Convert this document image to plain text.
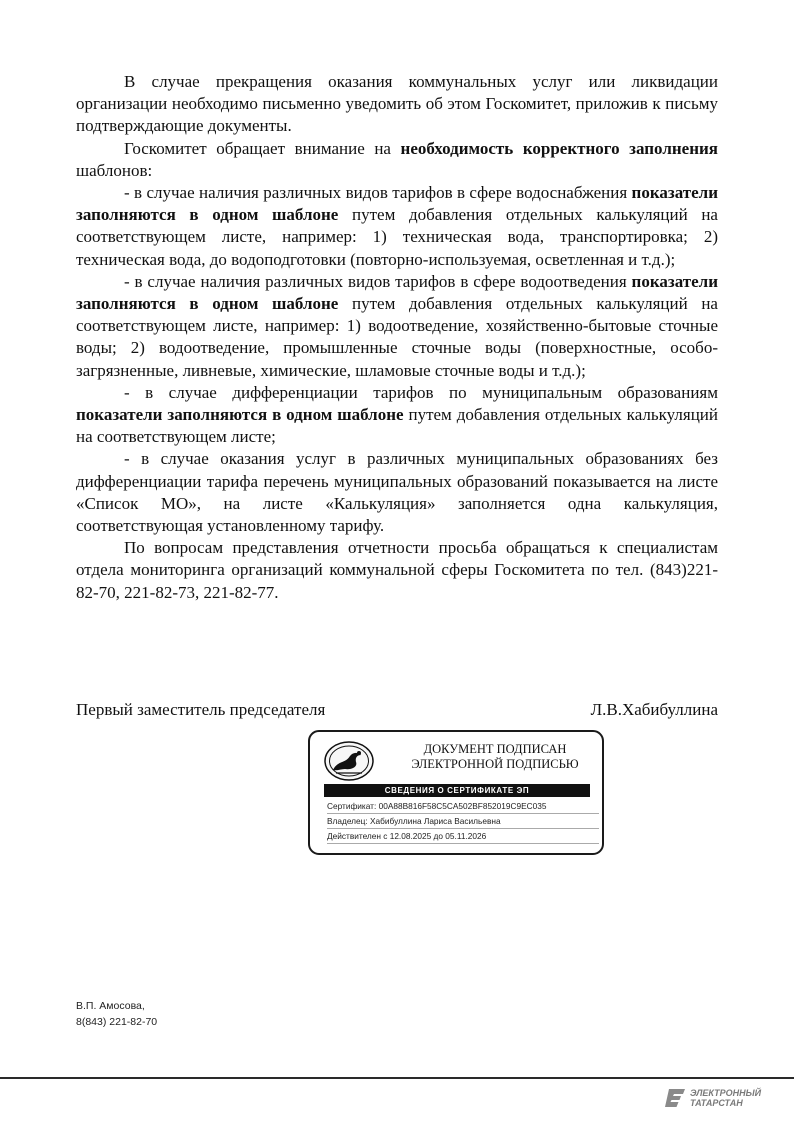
В случае прекращения оказания коммунальных услуг или ликвидации организации необходимо письменно уведомить об этом Госкомитет, приложив к письму подтверждающие документы.

Госкомитет обращает внимание на необходимость корректного заполнения шаблонов:

- в случае наличия различных видов тарифов в сфере водоснабжения показатели заполняются в одном шаблоне путем добавления отдельных калькуляций на соответствующем листе, например: 1) техническая вода, транспортировка; 2) техническая вода, до водоподготовки (повторно-используемая, осветленная и т.д.);

- в случае наличия различных видов тарифов в сфере водоотведения показатели заполняются в одном шаблоне путем добавления отдельных калькуляций на соответствующем листе, например: 1) водоотведение, хозяйственно-бытовые сточные воды; 2) водоотведение, промышленные сточные воды (поверхностные, особо-загрязненные, ливневые, химические, шламовые сточные воды и т.д.);

- в случае дифференциации тарифов по муниципальным образованиям показатели заполняются в одном шаблоне путем добавления отдельных калькуляций на соответствующем листе;

- в случае оказания услуг в различных муниципальных образованиях без дифференциации тарифа перечень муниципальных образований показывается на листе «Список МО», на листе «Калькуляция» заполняется одна калькуляция, соответствующая установленному тарифу.

По вопросам представления отчетности просьба обращаться к специалистам отдела мониторинга организаций коммунальной сферы Госкомитета по тел. (843)221-82-70, 221-82-73, 221-82-77.

Первый заместитель председателя	Л.В.Хабибуллина
ДОКУМЕНТ ПОДПИСАН
ЭЛЕКТРОННОЙ ПОДПИСЬЮ
СВЕДЕНИЯ О СЕРТИФИКАТЕ ЭП
Сертификат: 00A88B816F58C5CA502BF852019C9EC035
Владелец: Хабибуллина Лариса Васильевна
Действителен с 12.08.2025 до 05.11.2026
В.П. Амосова,
8(843) 221-82-70
ЭЛЕКТРОННЫЙ
ТАТАРСТАН
